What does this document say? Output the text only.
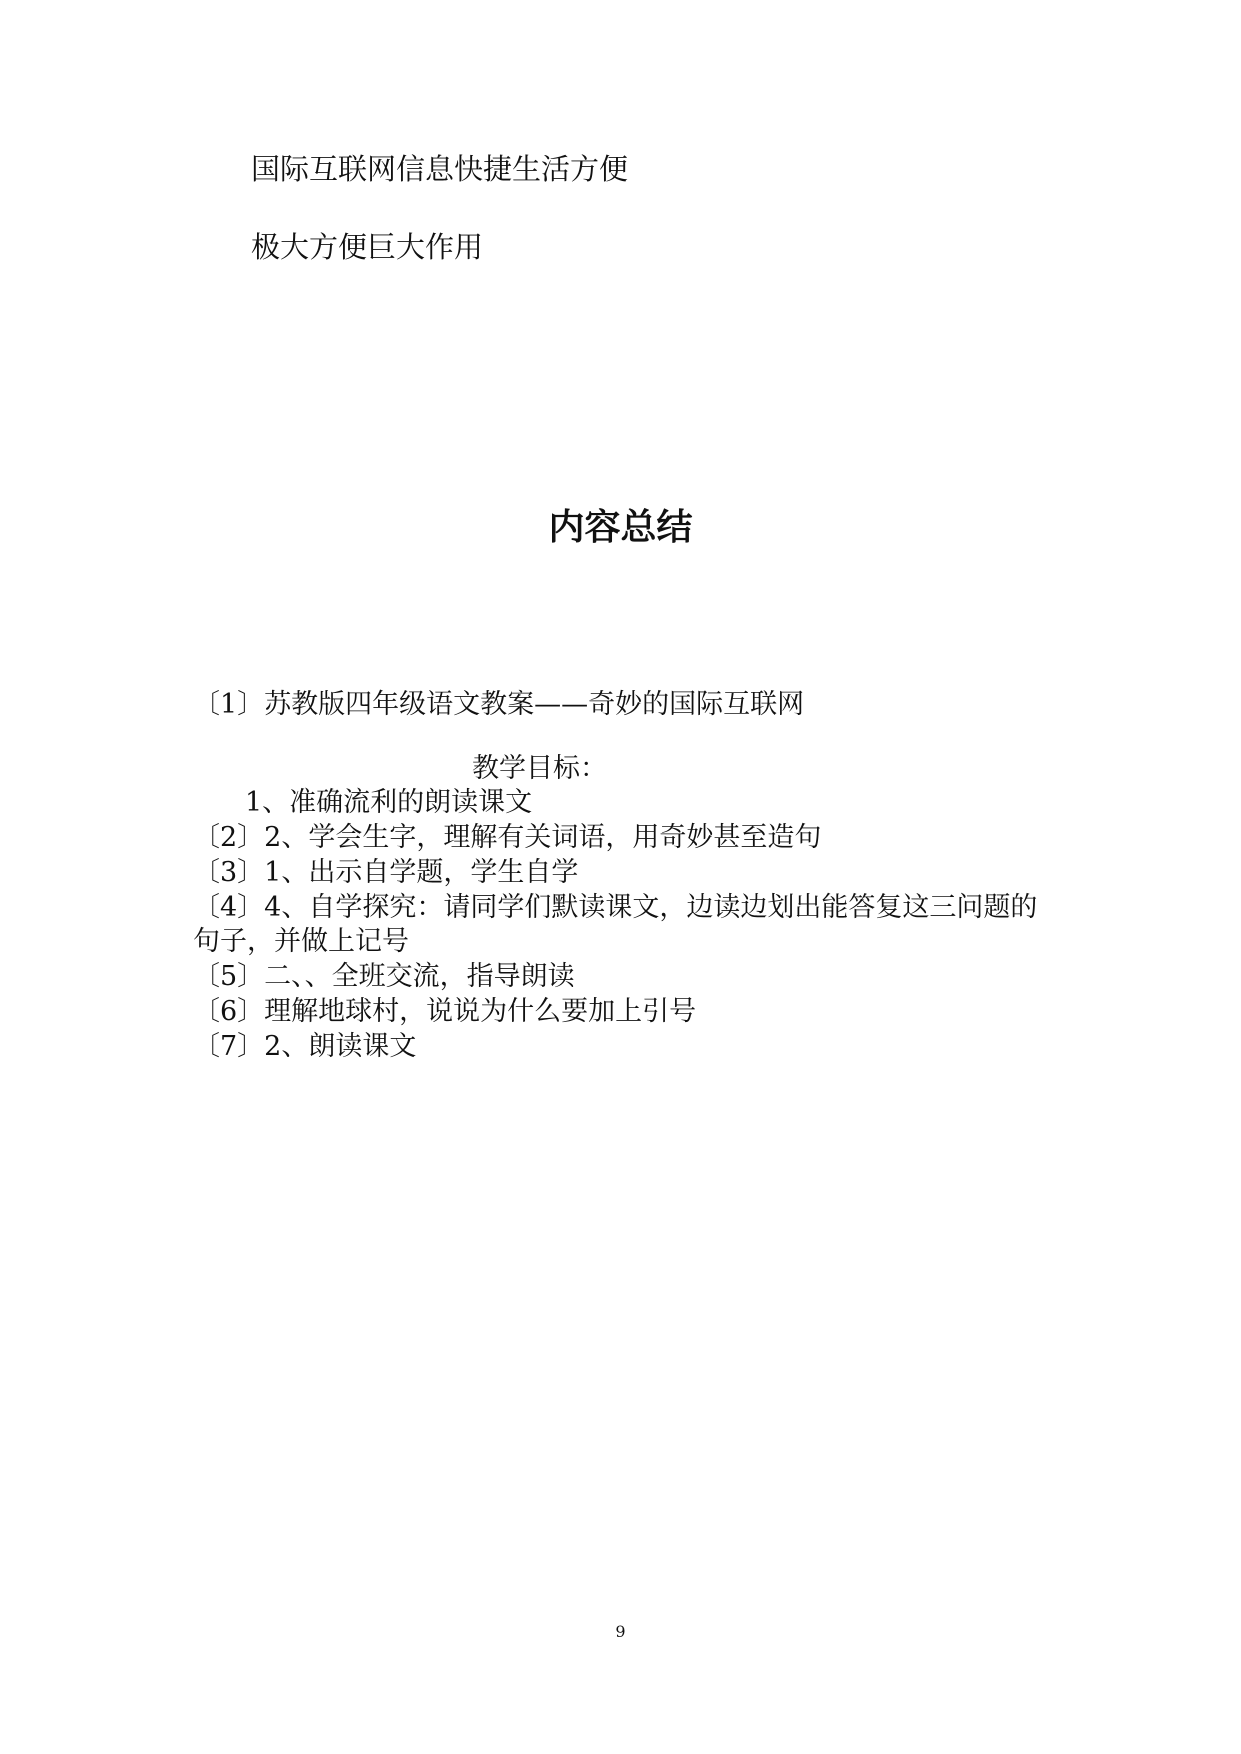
国际互联网信息快捷生活方便
极大方便巨大作用
内容总结
〔1〕苏教版四年级语文教案——奇妙的国际互联网
教学目标：
1、准确流利的朗读课文
〔2〕2、学会生字，理解有关词语，用奇妙甚至造句
〔3〕1、出示自学题，学生自学
〔4〕4、自学探究：请同学们默读课文，边读边划出能答复这三问题的
句子，并做上记号
〔5〕二、、全班交流，指导朗读
〔6〕理解地球村，说说为什么要加上引号
〔7〕2、朗读课文
9
